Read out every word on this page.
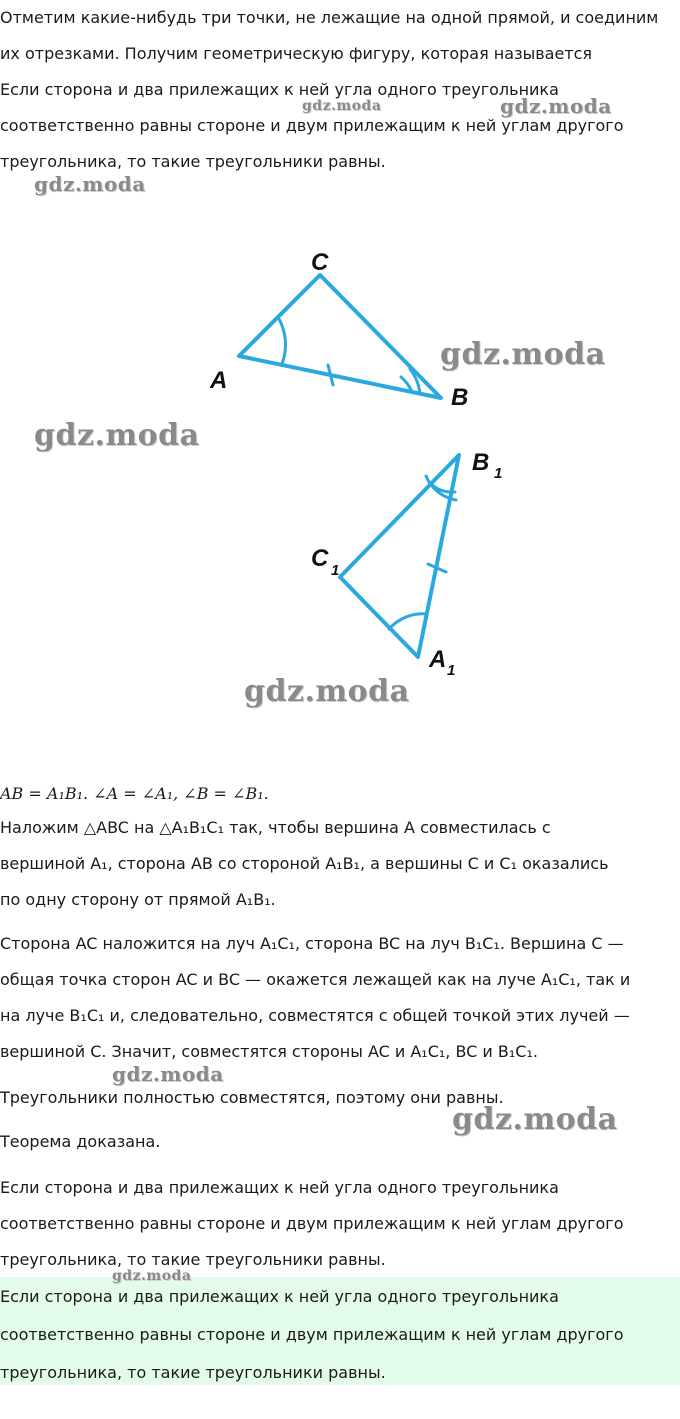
Отметим какие-нибудь три точки, не лежащие на одной прямой, и соединим
их отрезками. Получим геометрическую фигуру, которая называется
Если сторона и два прилежащих к ней угла одного треугольника
соответственно равны стороне и двум прилежащим к ней углам другого
треугольника, то такие треугольники равны.
C
A
B
B 1
C 1
A 1
AB = A₁B₁. ∠A = ∠A₁, ∠B = ∠B₁.
Наложим △ABC на △A₁B₁C₁ так, чтобы вершина A совместилась с
вершиной A₁, сторона AB со стороной A₁B₁, а вершины C и C₁ оказались
по одну сторону от прямой A₁B₁.
Сторона AC наложится на луч A₁C₁, сторона BC на луч B₁C₁. Вершина C —
общая точка сторон AC и BC — окажется лежащей как на луче A₁C₁, так и
на луче B₁C₁ и, следовательно, совместятся с общей точкой этих лучей —
вершиной C. Значит, совместятся стороны AC и A₁C₁, BC и B₁C₁.
Треугольники полностью совместятся, поэтому они равны.
Теорема доказана.
Если сторона и два прилежащих к ней угла одного треугольника
соответственно равны стороне и двум прилежащим к ней углам другого
треугольника, то такие треугольники равны.
Если сторона и два прилежащих к ней угла одного треугольника
соответственно равны стороне и двум прилежащим к ней углам другого
треугольника, то такие треугольники равны.
gdz.moda	gdz.moda
gdz.moda
gdz.moda
gdz.moda
gdz.moda
gdz.moda
gdz.moda
gdz.moda
